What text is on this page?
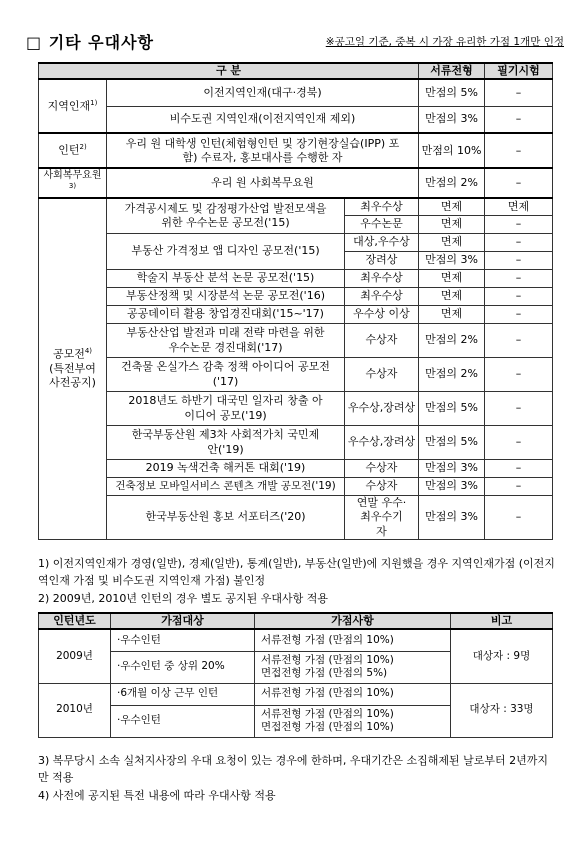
□ 기타 우대사항	※공고일 기준, 중복 시 가장 유리한 가점 1개만 인정
구 분			서류전형	필기시험
지역인재$^{1)}$	이전지역인재(대구·경북)		만점의 5%	–
	비수도권 지역인재(이전지역인재 제외)		만점의 3%	–
인턴$^{2)}$	우리 원 대학생 인턴(체험형인턴 및 장기현장실습(IPP) 포함) 수료자, 홍보대사를 수행한 자		만점의 10%	–
사회복무요원$^{3)}$	우리 원 사회복무요원		만점의 2%	–
공모전$^{4)}$
(특전부여
사전공지)	가격공시제도 및 감정평가산업 발전모색을 위한 우수논문 공모전('15)	최우수상	면제	면제
		우수논문	면제	–
	부동산 가격정보 앱 디자인 공모전('15)	대상,우수상	면제	–
		장려상	만점의 3%	–
	학술지 부동산 분석 논문 공모전('15)	최우수상	면제	–
	부동산정책 및 시장분석 논문 공모전('16)	최우수상	면제	–
	공공데이터 활용 창업경진대회('15~'17)	우수상 이상	면제	–
	부동산산업 발전과 미래 전략 마련을 위한 우수논문 경진대회('17)	수상자	만점의 2%	–
	건축물 온실가스 감축 정책 아이디어 공모전('17)	수상자	만점의 2%	–
	2018년도 하반기 대국민 일자리 창출 아이디어 공모('19)	우수상,장려상	만점의 5%	–
	한국부동산원 제3차 사회적가치 국민제안('19)	우수상,장려상	만점의 5%	–
	2019 녹색건축 해커톤 대회('19)	수상자	만점의 3%	–
	건축정보 모바일서비스 콘텐츠 개발 공모전('19)	수상자	만점의 3%	–
	한국부동산원 홍보 서포터즈('20)	연말 우수·최우수기자	만점의 3%	–
1) 이전지역인재가 경영(일반), 경제(일반), 통계(일반), 부동산(일반)에 지원했을 경우 지역인재가점 (이전지역인재 가점 및 비수도권 지역인재 가점) 불인정
2) 2009년, 2010년 인턴의 경우 별도 공지된 우대사항 적용
인턴년도	가점대상	가점사항	비고
2009년	·우수인턴	서류전형 가점 (만점의 10%)	대상자 : 9명
	·우수인턴 중 상위 20%	서류전형 가점 (만점의 10%)
면접전형 가점 (만점의 5%)	
2010년	·6개월 이상 근무 인턴	서류전형 가점 (만점의 10%)	대상자 : 33명
	·우수인턴	서류전형 가점 (만점의 10%)
면접전형 가점 (만점의 10%)	
3) 복무당시 소속 실처지사장의 우대 요청이 있는 경우에 한하며, 우대기간은 소집해제된 날로부터 2년까지만 적용
4) 사전에 공지된 특전 내용에 따라 우대사항 적용
